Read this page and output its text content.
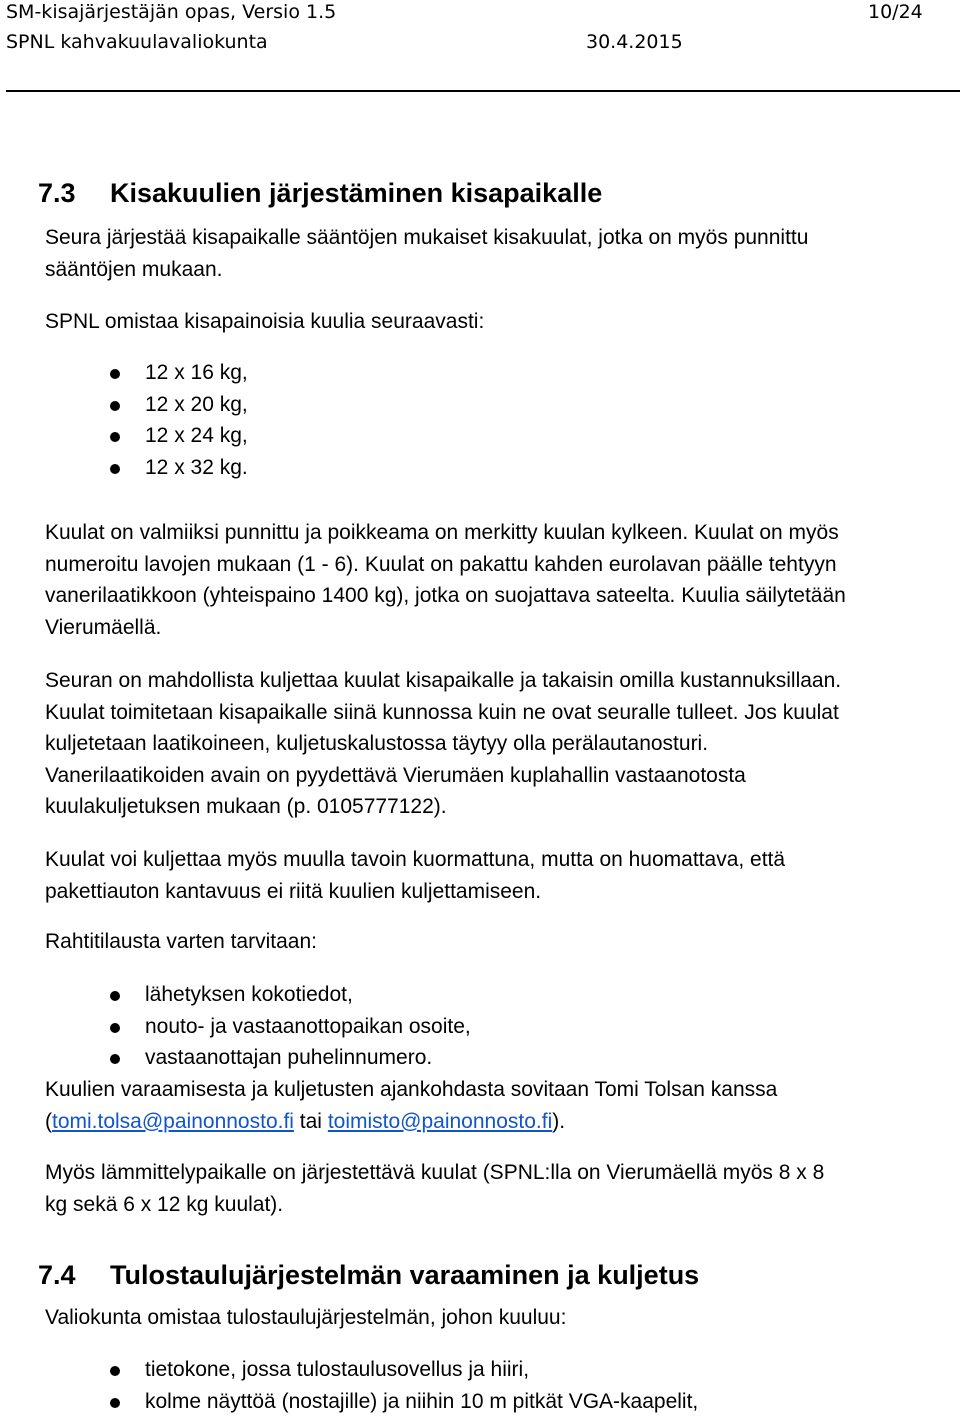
SM-kisajärjestäjän opas, Versio 1.5	10/24
SPNL kahvakuulavaliokunta	30.4.2015
7.3 Kisakuulien järjestäminen kisapaikalle
Seura järjestää kisapaikalle sääntöjen mukaiset kisakuulat, jotka on myös punnittu
sääntöjen mukaan.
SPNL omistaa kisapainoisia kuulia seuraavasti:
12 x 16 kg,
12 x 20 kg,
12 x 24 kg,
12 x 32 kg.
Kuulat on valmiiksi punnittu ja poikkeama on merkitty kuulan kylkeen. Kuulat on myös
numeroitu lavojen mukaan (1 - 6). Kuulat on pakattu kahden eurolavan päälle tehtyyn
vanerilaatikkoon (yhteispaino 1400 kg), jotka on suojattava sateelta. Kuulia säilytetään
Vierumäellä.
Seuran on mahdollista kuljettaa kuulat kisapaikalle ja takaisin omilla kustannuksillaan.
Kuulat toimitetaan kisapaikalle siinä kunnossa kuin ne ovat seuralle tulleet. Jos kuulat
kuljetetaan laatikoineen, kuljetuskalustossa täytyy olla perälautanosturi.
Vanerilaatikoiden avain on pyydettävä Vierumäen kuplahallin vastaanotosta
kuulakuljetuksen mukaan (p. 0105777122).
Kuulat voi kuljettaa myös muulla tavoin kuormattuna, mutta on huomattava, että
pakettiauton kantavuus ei riitä kuulien kuljettamiseen.
Rahtitilausta varten tarvitaan:
lähetyksen kokotiedot,
nouto- ja vastaanottopaikan osoite,
vastaanottajan puhelinnumero.
Kuulien varaamisesta ja kuljetusten ajankohdasta sovitaan Tomi Tolsan kanssa
(tomi.tolsa@painonnosto.fi tai toimisto@painonnosto.fi).
Myös lämmittelypaikalle on järjestettävä kuulat (SPNL:lla on Vierumäellä myös 8 x 8
kg sekä 6 x 12 kg kuulat).
7.4 Tulostaulujärjestelmän varaaminen ja kuljetus
Valiokunta omistaa tulostaulujärjestelmän, johon kuuluu:
tietokone, jossa tulostaulusovellus ja hiiri,
kolme näyttöä (nostajille) ja niihin 10 m pitkät VGA-kaapelit,
